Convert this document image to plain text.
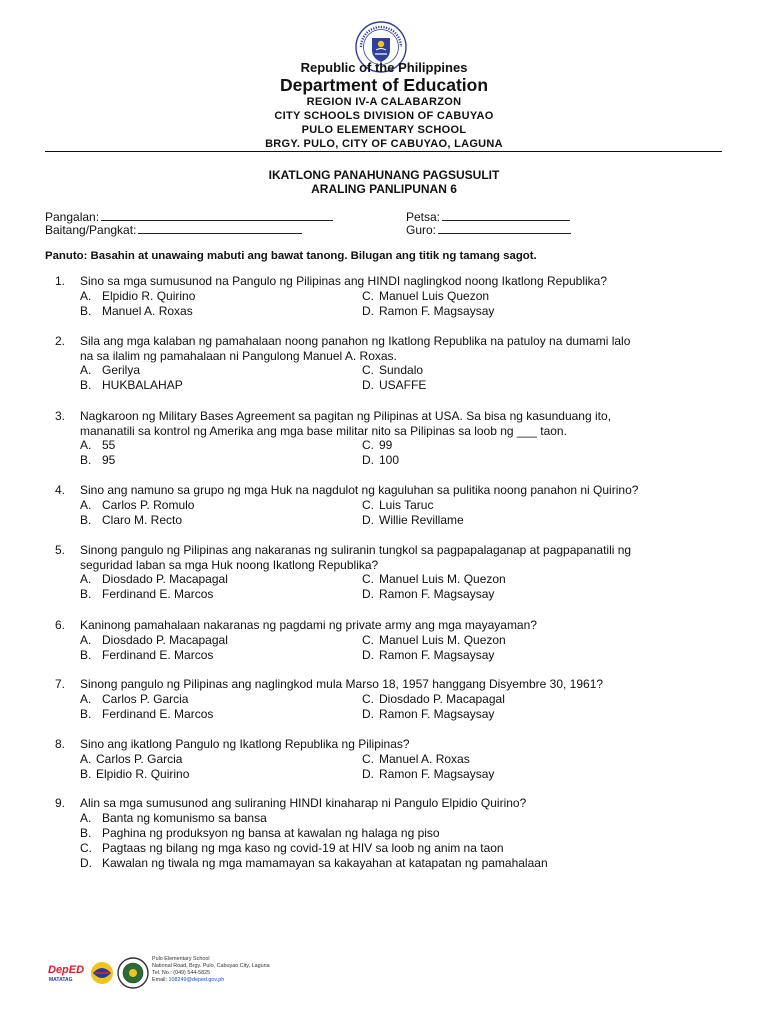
Republic of the Philippines
Department of Education
REGION IV-A CALABARZON
CITY SCHOOLS DIVISION OF CABUYAO
PULO ELEMENTARY SCHOOL
BRGY. PULO, CITY OF CABUYAO, LAGUNA
IKATLONG PANAHUNANG PAGSUSULIT
ARALING PANLIPUNAN 6
Pangalan:
Baitang/Pangkat:
Petsa:
Guro:
Panuto: Basahin at unawaing mabuti ang bawat tanong. Bilugan ang titik ng tamang sagot.
1. Sino sa mga sumusunod na Pangulo ng Pilipinas ang HINDI naglingkod noong Ikatlong Republika?
A. Elpidio R. Quirino	C. Manuel Luis Quezon
B. Manuel A. Roxas	D. Ramon F. Magsaysay
2. Sila ang mga kalaban ng pamahalaan noong panahon ng Ikatlong Republika na patuloy na dumami lalo
na sa ilalim ng pamahalaan ni Pangulong Manuel A. Roxas.
A. Gerilya	C. Sundalo
B. HUKBALAHAP	D. USAFFE
3. Nagkaroon ng Military Bases Agreement sa pagitan ng Pilipinas at USA. Sa bisa ng kasunduang ito,
mananatili sa kontrol ng Amerika ang mga base militar nito sa Pilipinas sa loob ng ___ taon.
A. 55	C. 99
B. 95	D. 100
4. Sino ang namuno sa grupo ng mga Huk na nagdulot ng kaguluhan sa pulitika noong panahon ni Quirino?
A. Carlos P. Romulo	C. Luis Taruc
B. Claro M. Recto	D. Willie Revillame
5. Sinong pangulo ng Pilipinas ang nakaranas ng suliranin tungkol sa pagpapalaganap at pagpapanatili ng
seguridad laban sa mga Huk noong Ikatlong Republika?
A. Diosdado P. Macapagal	C. Manuel Luis M. Quezon
B. Ferdinand E. Marcos	D. Ramon F. Magsaysay
6. Kaninong pamahalaan nakaranas ng pagdami ng private army ang mga mayayaman?
A. Diosdado P. Macapagal	C. Manuel Luis M. Quezon
B. Ferdinand E. Marcos	D. Ramon F. Magsaysay
7. Sinong pangulo ng Pilipinas ang naglingkod mula Marso 18, 1957 hanggang Disyembre 30, 1961?
A. Carlos P. Garcia	C. Diosdado P. Macapagal
B. Ferdinand E. Marcos	D. Ramon F. Magsaysay
8. Sino ang ikatlong Pangulo ng Ikatlong Republika ng Pilipinas?
A. Carlos P. Garcia	C. Manuel A. Roxas
B. Elpidio R. Quirino	D. Ramon F. Magsaysay
9. Alin sa mga sumusunod ang suliraning HINDI kinaharap ni Pangulo Elpidio Quirino?
A. Banta ng komunismo sa bansa
B. Paghina ng produksyon ng bansa at kawalan ng halaga ng piso
C. Pagtaas ng bilang ng mga kaso ng covid-19 at HIV sa loob ng anim na taon
D. Kawalan ng tiwala ng mga mamamayan sa kakayahan at katapatan ng pamahalaan
DepED
MATATAG
Pulo Elementary School
National Road, Brgy. Pulo, Cabuyao City, Laguna
Tel. No.: (049) 544-5825
Email: 108249@deped.gov.ph
